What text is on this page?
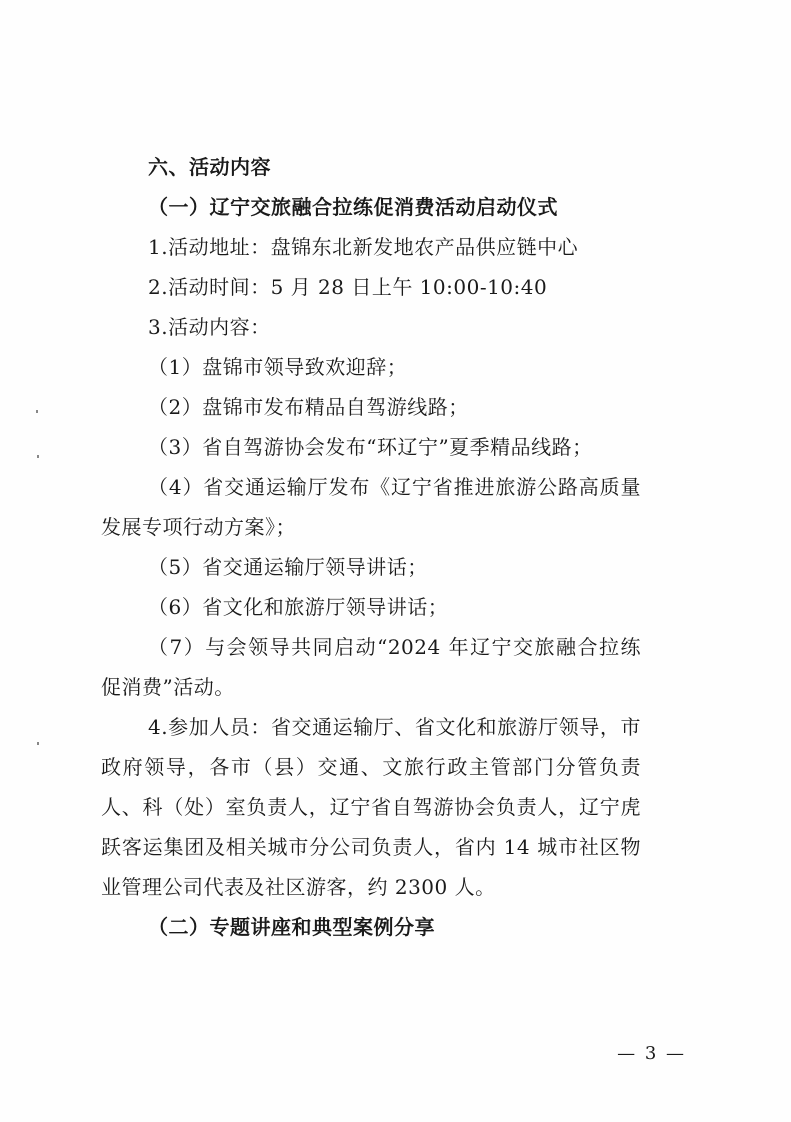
六、活动内容
（一）辽宁交旅融合拉练促消费活动启动仪式
1.活动地址：盘锦东北新发地农产品供应链中心
2.活动时间：5 月 28 日上午 10:00-10:40
3.活动内容：
（1）盘锦市领导致欢迎辞；
（2）盘锦市发布精品自驾游线路；
（3）省自驾游协会发布“环辽宁”夏季精品线路；
（4）省交通运输厅发布《辽宁省推进旅游公路高质量发展专项行动方案》；
（5）省交通运输厅领导讲话；
（6）省文化和旅游厅领导讲话；
（7）与会领导共同启动“2024 年辽宁交旅融合拉练促消费”活动。
4.参加人员：省交通运输厅、省文化和旅游厅领导，市政府领导，各市（县）交通、文旅行政主管部门分管负责人、科（处）室负责人，辽宁省自驾游协会负责人，辽宁虎跃客运集团及相关城市分公司负责人，省内 14 城市社区物业管理公司代表及社区游客，约 2300 人。
（二）专题讲座和典型案例分享
— 3 —
